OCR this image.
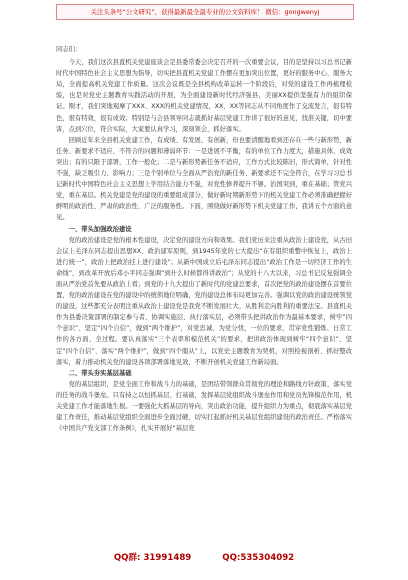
关注头条号“公文研究”，获得最新最全最专业的公文资料库！ 微信：gongwenyj

同志们：

今天，我们这次县直机关党建座谈会是县委常委会决定召开的一次重要会议，目的是坚持以习总书记新时代中国特色社会主义思想为指导，切实把县直机关党建工作摆在更加突出位置，更好的服务中心、服务大局，全面提高机关党建工作质量。这次会议既是全县机构改革运转一个阶段后，对党的建设工作再梳理检验，也是对党史主题教育实践活动的开展，为全面建设新时代经济强县，美丽XX提供坚强有力的组织保证。刚才，我们突地观摩了XXX、XXX的机关党建情况，XX、XX等同志从不同角度作了交流发言，很有特色，很有特效，很有成效；特别是与会县领导同志就抓好基层党建工作讲了很好的意见，找准关键，切中要害，点到穴位，符合实际，大家要认真学习，深刻领会，抓好落实。

回顾近年来全县机关党建工作，有成绩、有发展、有创新，但也要清醒地看到还存在一些与新形势、新任务、新要求不适应、不符合的问题和薄弱环节：一是进展不平衡，有的单位工作力度大，措施具体，成效突出；有的只限于部署，工作一般化；二是与新形势新任务不适应，工作方式比较陈旧，形式简单，针对性不强，缺乏吸引力、影响力；三是个别单位与全面从严治党的新任务、新要求还不完全符合，在学习习总书记新时代中国特色社会主义思想上学用结合能力不强，对党性修养提升不够。治国突到，重在基础；管党兴党，重在基层。机关党建是党的建设的重要组成部分，做好新时期新形势下的机关党建工作必须准确把握好鲜明的政治性、严肃的政治性、广泛的服务性。下面，围绕做好新形势下机关党建工作，我讲五个方面的意见。

一、带头加强政治建设

党的政治建设是党的根本性建设，决定党的建设方向和效果。我们党历来注重从政治上建设党，从古田会议上毛泽东同志提出思想XX、政治建军原则，到1945年党的七大提出“在有组织重整中恢复上，政治上进行统一”，政治上把政治挂上进行建设”；从新中国成立后毛泽东同志提出“政治工作是一切经济工作的生命线”，到改革开放后邓小平同志强调“到什么时候都得讲政治”；从党的十八大以来，习总书记反复强调全面从严治党首先要从政治上看；到党的十九大提出了新时代的党建总要求，首次把党的政治建设摆在首要位置，党的政治建设在党的建设中的统领地位明确，党的建设总体布局更加完善。强调以党的政治建设统领党的建设，这些都充分表明注重从政治上建设党是我党不断发展壮大、从胜利走向胜利的重要法宝。县直机关作为县委决策部署的制定参与者、协调实施层、执行落实层，必须带头把讲政治作为最基本要求，树牢“四个意识”、坚定“四个自信”，做到“两个维护”，对党忠诚、为党分忧，一位的要求，贯穿党性锻炼、日常工作的各方面、全过程。要认真落实“三个表率和模范机关”的要求，把讲政治体现到树牢“四个意识”、坚定“四个自信”、落实“两个维护”，做到“四个服从”上，以党史主题教育为契机，对照检视剖析、抓好整改落实，着力推动机关党的建设各项部署落地见效，不断开创机关党建工作新局面。

二、带头夯实基层基础

党的基层组织，是党全面工作和战斗力的基础，是团结带领群众贯彻党的理论和路线方针政策、落实党的任务的战斗堡垒。只有持之以恒抓基层、打基础，发挥基层党组织战斗堡垒作用和党员先锋模范作用，机关党建工作才能落地生根。一要强化大抓基层的导向，突出政治功能，提升组织力为重点，彻底落实基层党建工作责任，推动基层党组织全面进步全面过硬，切实扛起抓好机关基层党组织建设的政治责任。严格落实《中国共产党支部工作条例》，扎实开展好“基层党

QQ群: 31991489	QQ:535304092
